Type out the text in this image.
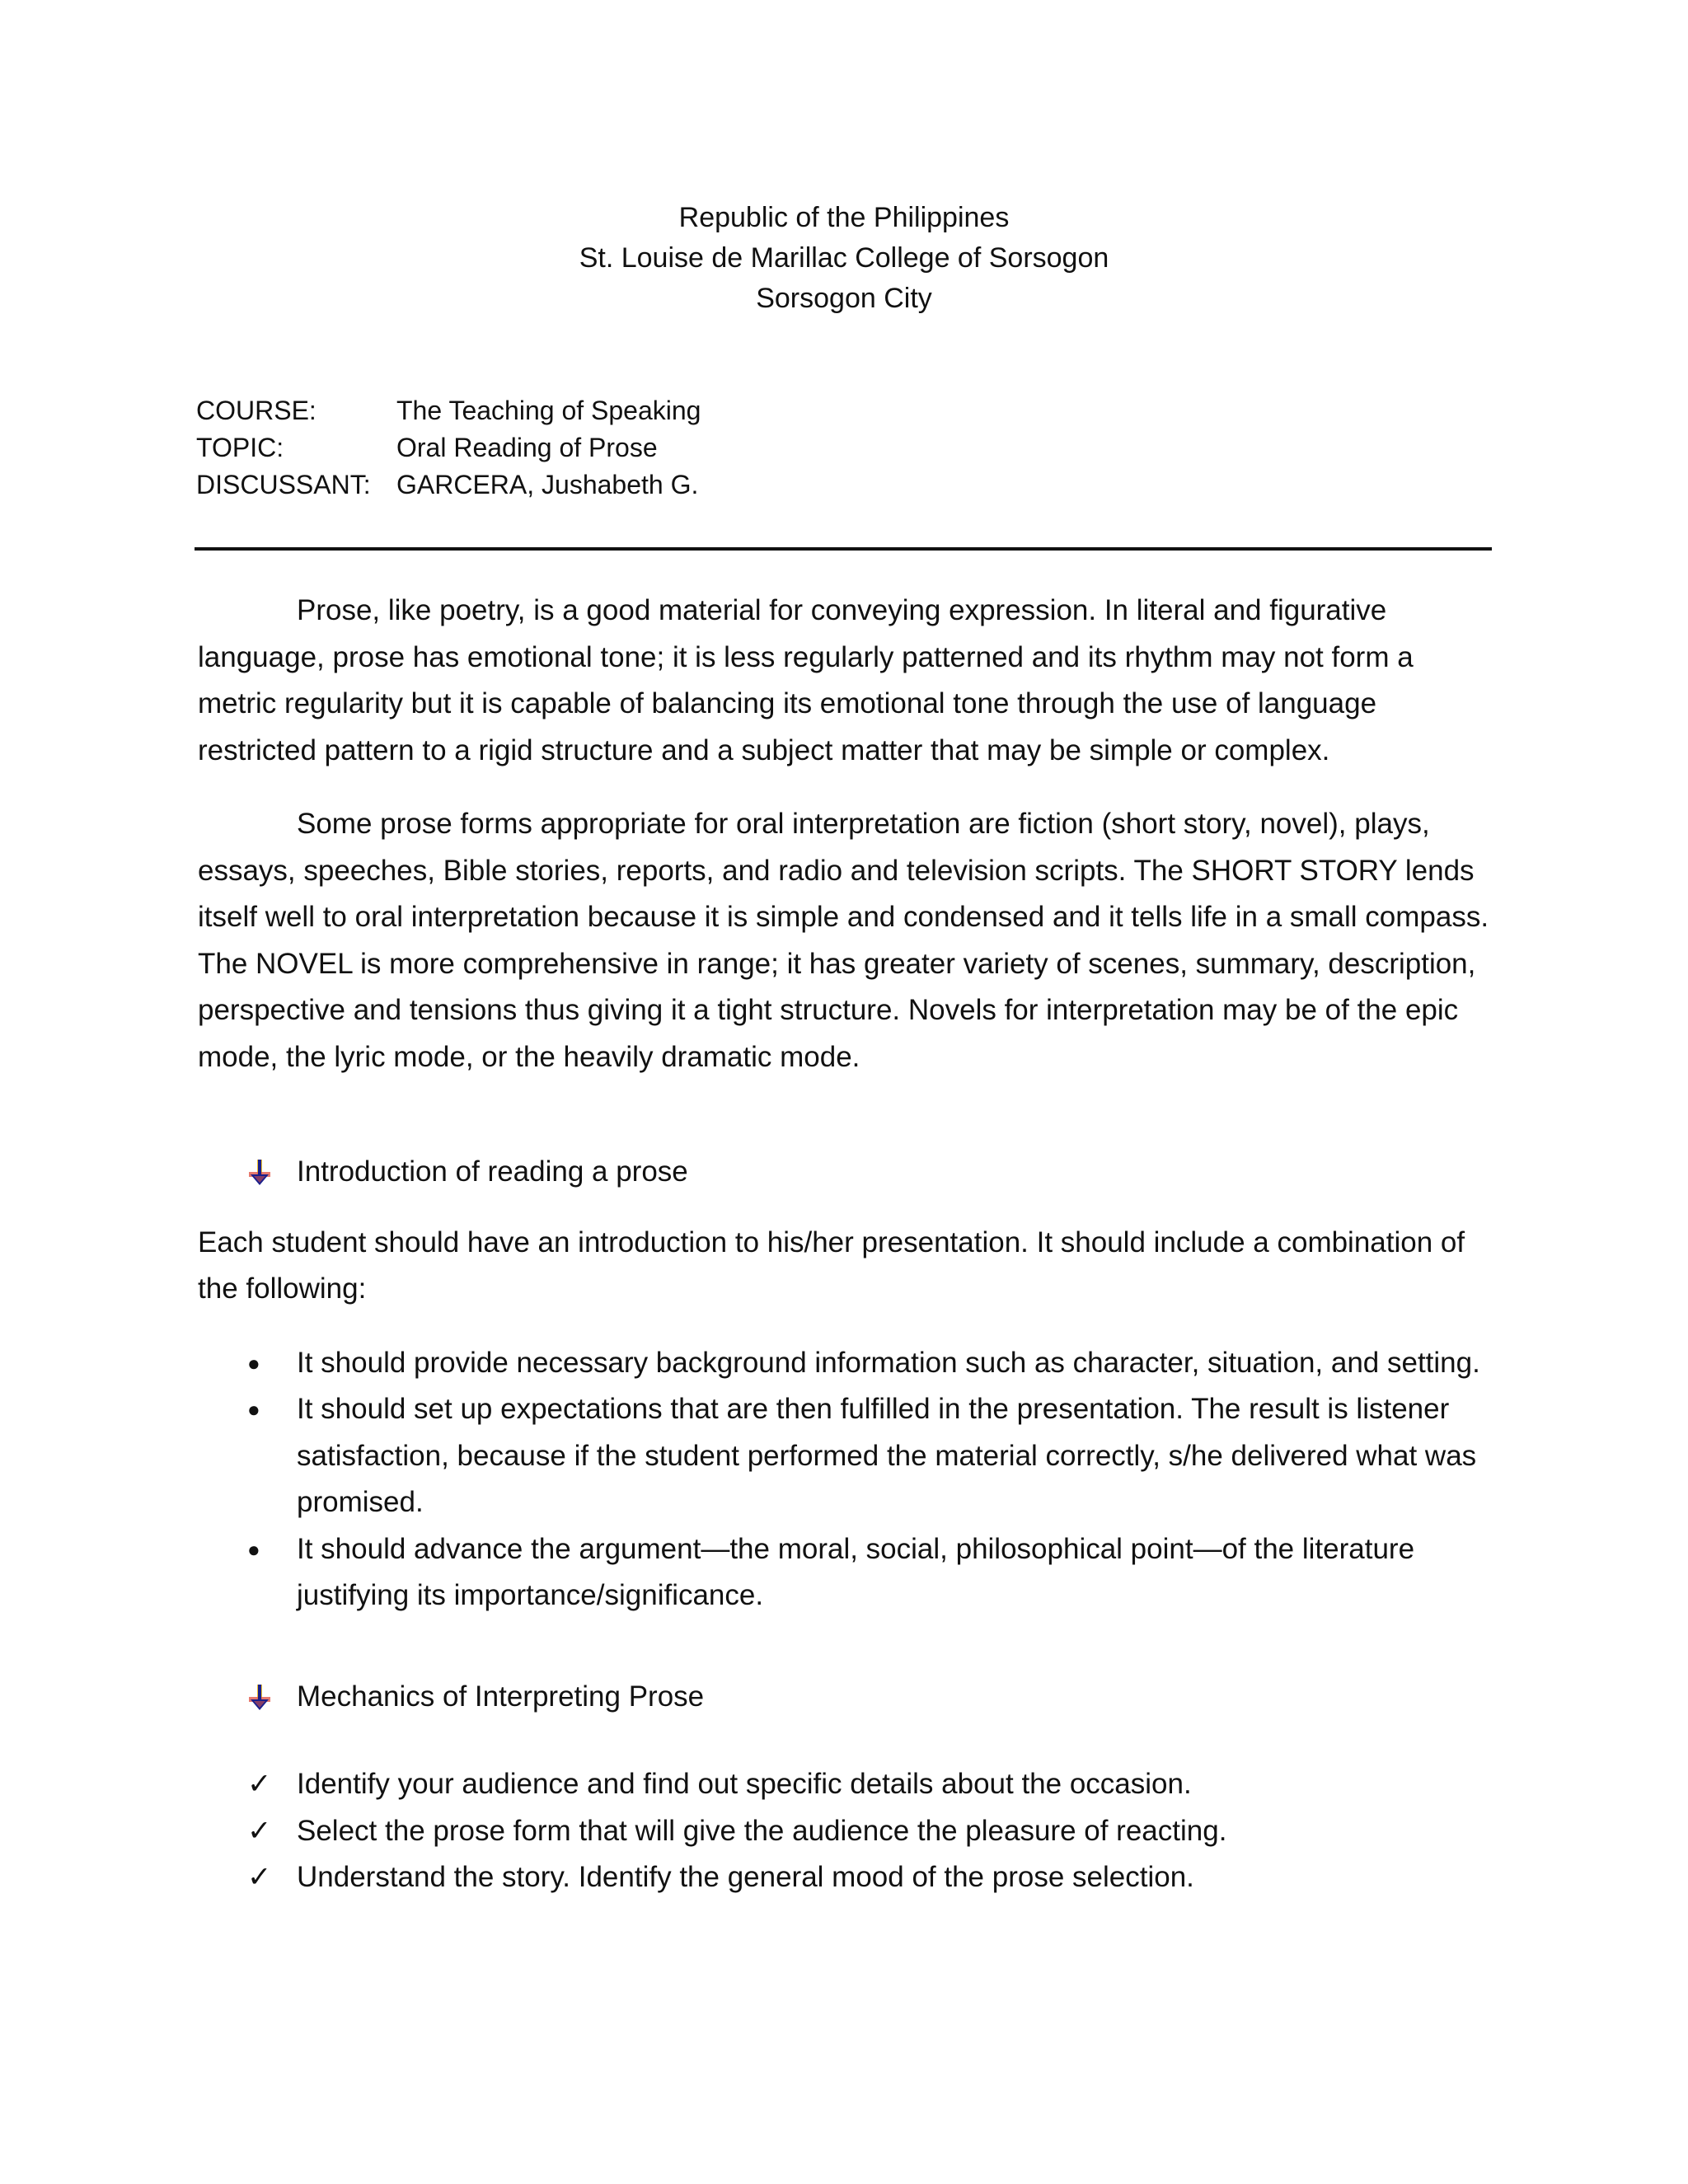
Republic of the Philippines
St. Louise de Marillac College of Sorsogon
Sorsogon City
COURSE:	The Teaching of Speaking
TOPIC:	Oral Reading of Prose
DISCUSSANT: GARCERA, Jushabeth G.

Prose, like poetry, is a good material for conveying expression. In literal and figurative language, prose has emotional tone; it is less regularly patterned and its rhythm may not form a metric regularity but it is capable of balancing its emotional tone through the use of language restricted pattern to a rigid structure and a subject matter that may be simple or complex.

Some prose forms appropriate for oral interpretation are fiction (short story, novel), plays, essays, speeches, Bible stories, reports, and radio and television scripts. The SHORT STORY lends itself well to oral interpretation because it is simple and condensed and it tells life in a small compass. The NOVEL is more comprehensive in range; it has greater variety of scenes, summary, description, perspective and tensions thus giving it a tight structure. Novels for interpretation may be of the epic mode, the lyric mode, or the heavily dramatic mode.

Introduction of reading a prose

Each student should have an introduction to his/her presentation. It should include a combination of the following:

●	It should provide necessary background information such as character, situation, and setting.
●	It should set up expectations that are then fulfilled in the presentation. The result is listener satisfaction, because if the student performed the material correctly, s/he delivered what was promised.
●	It should advance the argument—the moral, social, philosophical point—of the literature justifying its importance/significance.
Mechanics of Interpreting Prose
✓ Identify your audience and find out specific details about the occasion.
✓ Select the prose form that will give the audience the pleasure of reacting.
✓ Understand the story. Identify the general mood of the prose selection.
